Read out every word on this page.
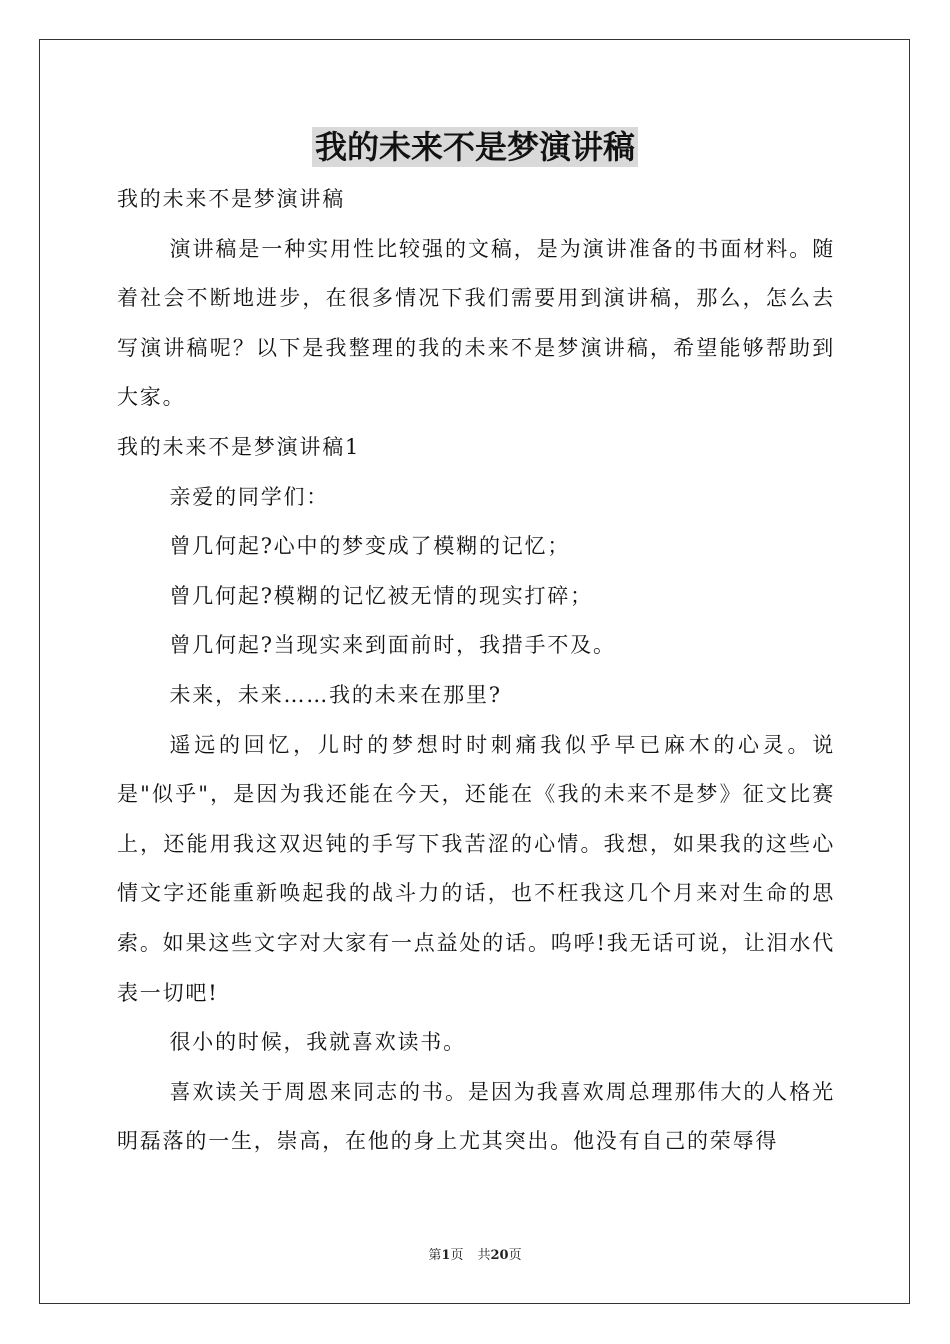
我的未来不是梦演讲稿

我的未来不是梦演讲稿

演讲稿是一种实用性比较强的文稿，是为演讲准备的书面材料。随着社会不断地进步，在很多情况下我们需要用到演讲稿，那么，怎么去写演讲稿呢？以下是我整理的我的未来不是梦演讲稿，希望能够帮助到大家。

我的未来不是梦演讲稿1

亲爱的同学们：

曾几何起?心中的梦变成了模糊的记忆；

曾几何起?模糊的记忆被无情的现实打碎；

曾几何起?当现实来到面前时，我措手不及。

未来，未来……我的未来在那里?

遥远的回忆，儿时的梦想时时刺痛我似乎早已麻木的心灵。说是"似乎"，是因为我还能在今天，还能在《我的未来不是梦》征文比赛上，还能用我这双迟钝的手写下我苦涩的心情。我想，如果我的这些心情文字还能重新唤起我的战斗力的话，也不枉我这几个月来对生命的思索。如果这些文字对大家有一点益处的话。呜呼!我无话可说，让泪水代表一切吧!

很小的时候，我就喜欢读书。

喜欢读关于周恩来同志的书。是因为我喜欢周总理那伟大的人格光明磊落的一生，崇高，在他的身上尤其突出。他没有自己的荣辱得

第1页 共20页
